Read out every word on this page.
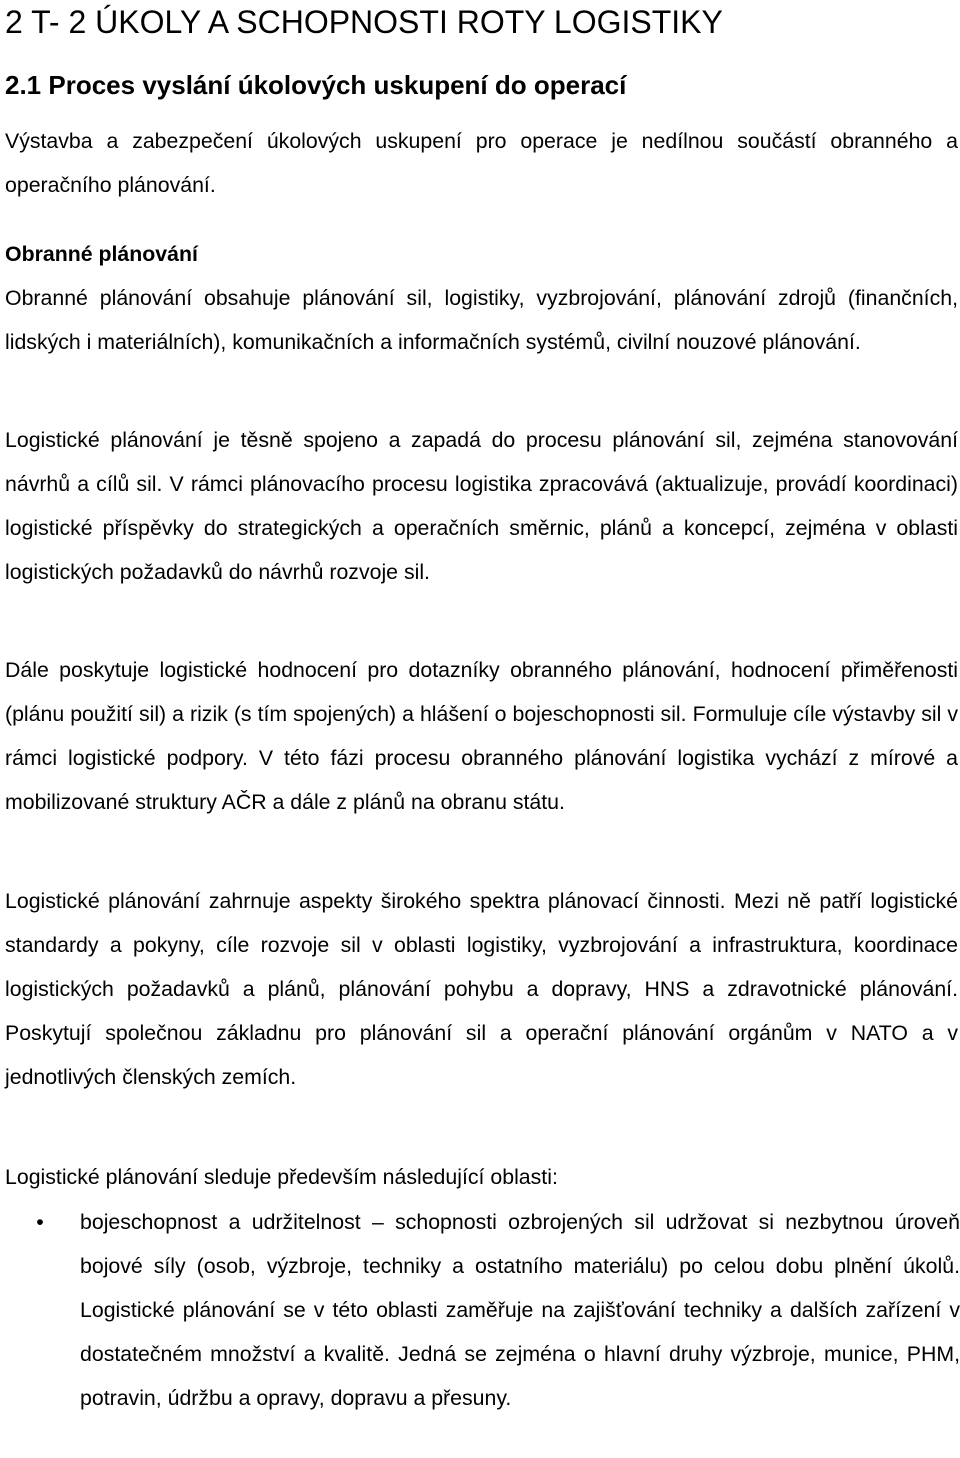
2 T- 2 ÚKOLY A SCHOPNOSTI ROTY LOGISTIKY
2.1 Proces vyslání úkolových uskupení do operací

Výstavba a zabezpečení úkolových uskupení pro operace je nedílnou součástí obranného a operačního plánování.

Obranné plánování

Obranné plánování obsahuje plánování sil, logistiky, vyzbrojování, plánování zdrojů (finančních, lidských i materiálních), komunikačních a informačních systémů, civilní nouzové plánování.

Logistické plánování je těsně spojeno a zapadá do procesu plánování sil, zejména stanovování návrhů a cílů sil. V rámci plánovacího procesu logistika zpracovává (aktualizuje, provádí koordinaci) logistické příspěvky do strategických a operačních směrnic, plánů a koncepcí, zejména v oblasti logistických požadavků do návrhů rozvoje sil.

Dále poskytuje logistické hodnocení pro dotazníky obranného plánování, hodnocení přiměřenosti (plánu použití sil) a rizik (s tím spojených) a hlášení o bojeschopnosti sil. Formuluje cíle výstavby sil v rámci logistické podpory. V této fázi procesu obranného plánování logistika vychází z mírové a mobilizované struktury AČR a dále z plánů na obranu státu.

Logistické plánování zahrnuje aspekty širokého spektra plánovací činnosti. Mezi ně patří logistické standardy a pokyny, cíle rozvoje sil v oblasti logistiky, vyzbrojování a infrastruktura, koordinace logistických požadavků a plánů, plánování pohybu a dopravy, HNS a zdravotnické plánování. Poskytují společnou základnu pro plánování sil a operační plánování orgánům v NATO a v jednotlivých členských zemích.

Logistické plánování sleduje především následující oblasti:

• bojeschopnost a udržitelnost – schopnosti ozbrojených sil udržovat si nezbytnou úroveň bojové síly (osob, výzbroje, techniky a ostatního materiálu) po celou dobu plnění úkolů. Logistické plánování se v této oblasti zaměřuje na zajišťování techniky a dalších zařízení v dostatečném množství a kvalitě. Jedná se zejména o hlavní druhy výzbroje, munice, PHM, potravin, údržbu a opravy, dopravu a přesuny.
